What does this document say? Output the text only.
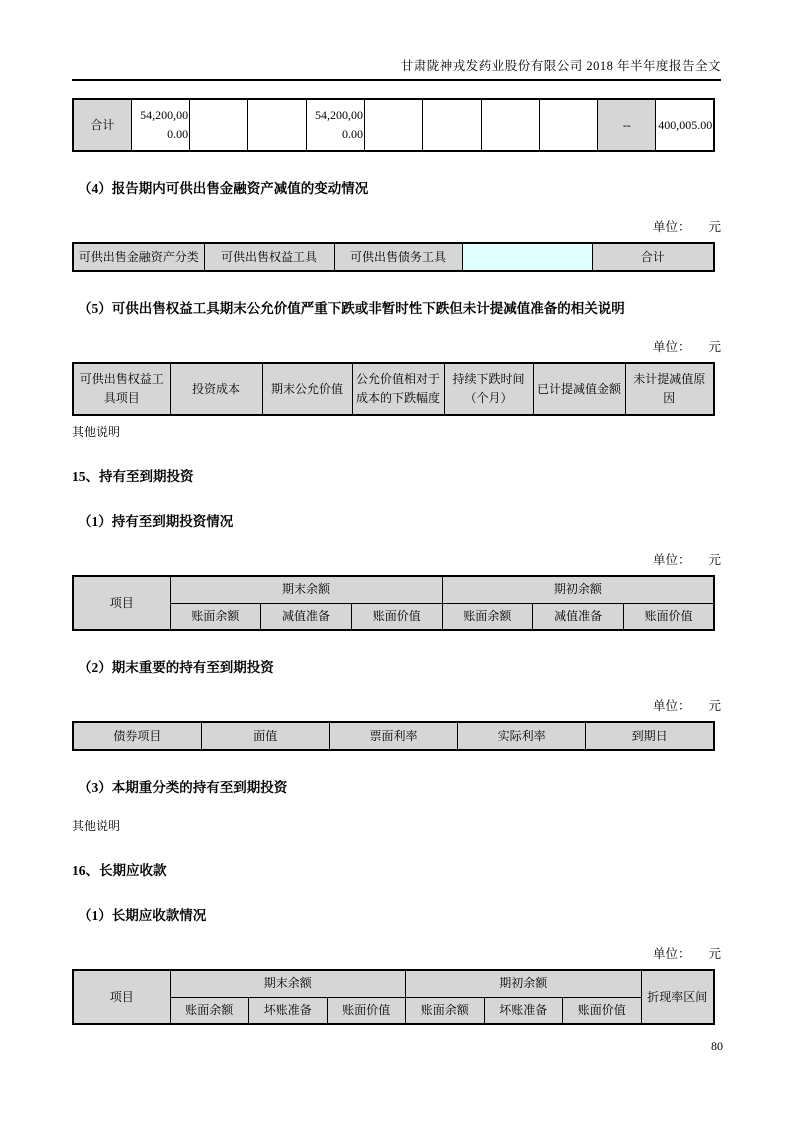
甘肃陇神戎发药业股份有限公司 2018 年半年度报告全文
合计	54,200,000.00			54,200,000.00					--	400,005.00
（4）报告期内可供出售金融资产减值的变动情况
单位： 元
可供出售金融资产分类	可供出售权益工具	可供出售债务工具		合计
（5）可供出售权益工具期末公允价值严重下跌或非暂时性下跌但未计提减值准备的相关说明
单位： 元
可供出售权益工具项目	投资成本	期末公允价值	公允价值相对于成本的下跌幅度	持续下跌时间（个月）	已计提减值金额	未计提减值原因
其他说明
15、持有至到期投资
（1）持有至到期投资情况
单位： 元
项目	期末余额			期初余额		
	账面余额	减值准备	账面价值	账面余额	减值准备	账面价值
（2）期末重要的持有至到期投资
单位： 元
债券项目	面值	票面利率	实际利率	到期日
（3）本期重分类的持有至到期投资
其他说明
16、长期应收款
（1）长期应收款情况
单位： 元
项目	期末余额			期初余额			折现率区间
	账面余额	坏账准备	账面价值	账面余额	坏账准备	账面价值	
80
